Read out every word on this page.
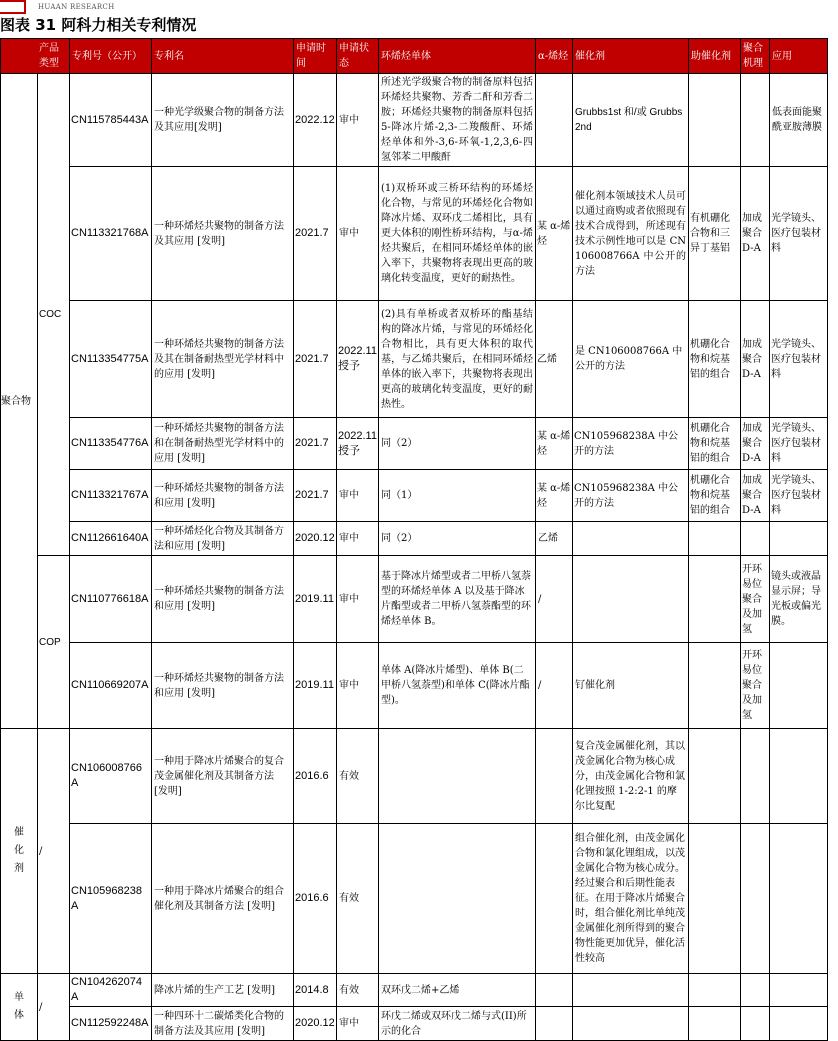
HUAAN RESEARCH
图表 31 阿科力相关专利情况
产品类型		专利号（公开）	专利名	申请时间	申请状态	环烯烃单体	α-烯烃	催化剂	助催化剂	聚合机理	应用
聚合物	COC	CN115785443A	一种光学级聚合物的制备方法及其应用[发明]	2022.12	审中	所述光学级聚合物的制备原料包括环烯烃共聚物、芳香二酐和芳香二胺；环烯烃共聚物的制备原料包括 5-降冰片烯-2,3-二羧酸酐、环烯烃单体和外-3,6-环氧-1,2,3,6-四氢邻苯二甲酸酐		Grubbs1st 和/或 Grubbs2nd			低表面能聚酰亚胺薄膜
		CN113321768A	一种环烯烃共聚物的制备方法及其应用 [发明]	2021.7	审中	(1)双桥环或三桥环结构的环烯烃化合物，与常见的环烯烃化合物如降冰片烯、双环戊二烯相比，具有更大体积的刚性桥环结构，与α-烯烃共聚后，在相同环烯烃单体的嵌入率下，共聚物将表现出更高的玻璃化转变温度，更好的耐热性。	某 α-烯烃	催化剂本领域技术人员可以通过商购或者依照现有技术合成得到，所述现有技术示例性地可以是 CN106008766A 中公开的方法	有机硼化合物和三异丁基铝	加成聚合D-A	光学镜头、医疗包装材料
		CN113354775A	一种环烯烃共聚物的制备方法及其在制备耐热型光学材料中的应用 [发明]	2021.7	2022.11 授予	(2)具有单桥或者双桥环的酯基结构的降冰片烯，与常见的环烯烃化合物相比，具有更大体积的取代基，与乙烯共聚后，在相同环烯烃单体的嵌入率下，共聚物将表现出更高的玻璃化转变温度，更好的耐热性。	乙烯	是 CN106008766A 中公开的方法	机硼化合物和烷基铝的组合	加成聚合D-A	光学镜头、医疗包装材料
		CN113354776A	一种环烯烃共聚物的制备方法和在制备耐热型光学材料中的应用 [发明]	2021.7	2022.11 授予	同（2）	某 α-烯烃	CN105968238A 中公开的方法	机硼化合物和烷基铝的组合	加成聚合D-A	光学镜头、医疗包装材料
		CN113321767A	一种环烯烃共聚物的制备方法和应用 [发明]	2021.7	审中	同（1）	某 α-烯烃	CN105968238A 中公开的方法	机硼化合物和烷基铝的组合	加成聚合D-A	光学镜头、医疗包装材料
		CN112661640A	一种环烯烃化合物及其制备方法和应用 [发明]	2020.12	审中	同（2）	乙烯				
	COP	CN110776618A	一种环烯烃共聚物的制备方法和应用 [发明]	2019.11	审中	基于降冰片烯型或者二甲桥八氢萘型的环烯烃单体 A 以及基于降冰片酯型或者二甲桥八氢萘酯型的环烯烃单体 B。	/			开环易位聚合及加氢	镜头或液晶显示屏；导光板或偏光膜。
		CN110669207A	一种环烯烃共聚物的制备方法和应用 [发明]	2019.11	审中	单体 A(降冰片烯型)、单体 B(二甲桥八氢萘型)和单体 C(降冰片酯型)。	/	钌催化剂		开环易位聚合及加氢	
催化剂	/	CN106008766A	一种用于降冰片烯聚合的复合茂金属催化剂及其制备方法 [发明]	2016.6	有效			复合茂金属催化剂，其以茂金属化合物为核心成分，由茂金属化合物和氯化锂按照 1-2:2-1 的摩尔比复配			
		CN105968238A	一种用于降冰片烯聚合的组合催化剂及其制备方法 [发明]	2016.6	有效			组合催化剂，由茂金属化合物和氯化锂组成，以茂金属化合物为核心成分。经过聚合和后期性能表征。在用于降冰片烯聚合时，组合催化剂比单纯茂金属催化剂所得到的聚合物性能更加优异，催化活性较高			
单体	/	CN104262074A	降冰片烯的生产工艺 [发明]	2014.8	有效	双环戊二烯+乙烯					
		CN112592248A	一种四环十二碳烯类化合物的制备方法及其应用 [发明]	2020.12	审中	环戊二烯或双环戊二烯与式(II)所示的化合					
